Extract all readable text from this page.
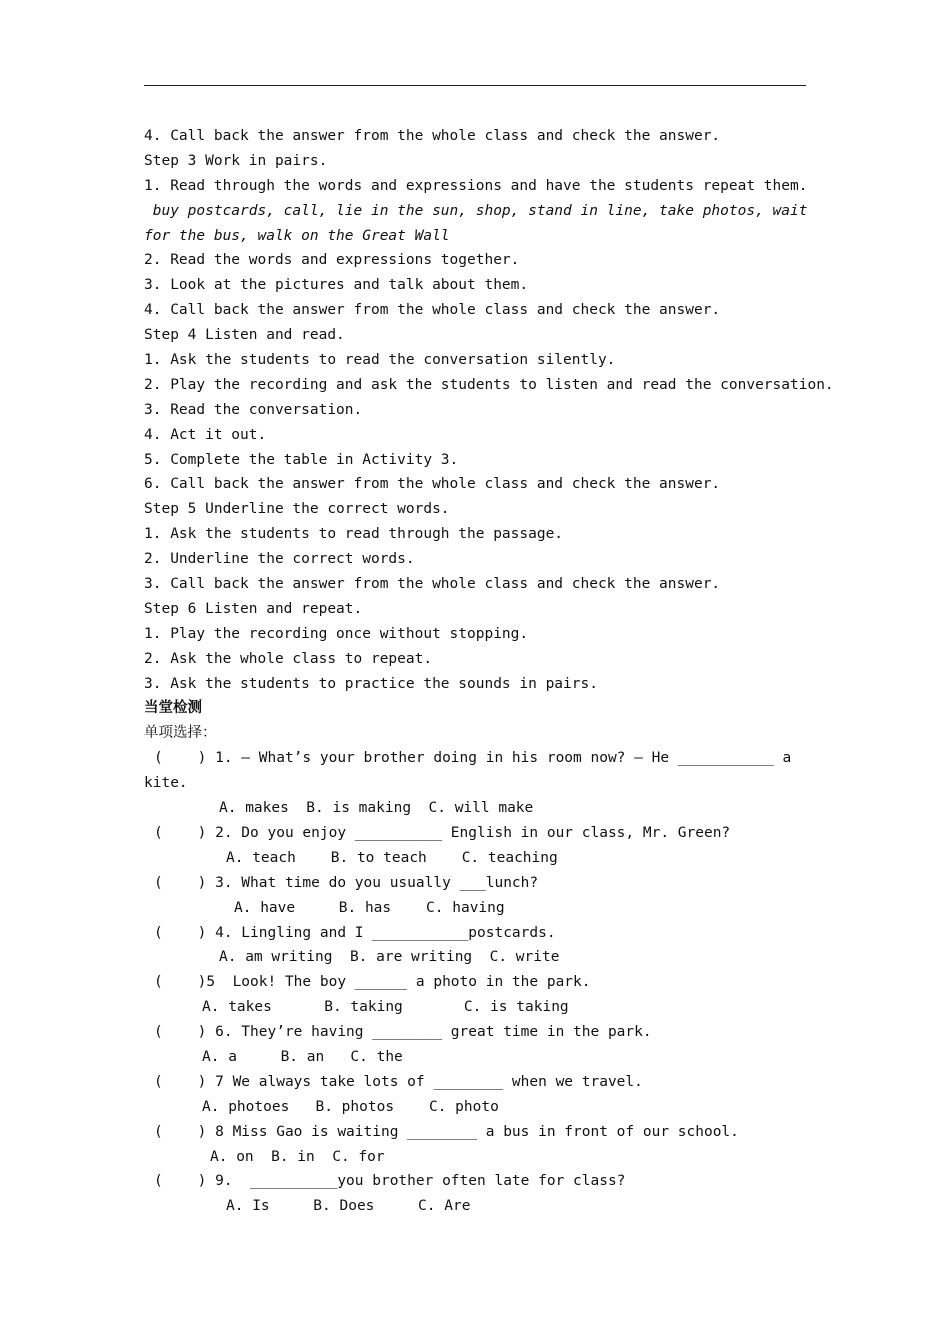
4. Call back the answer from the whole class and check the answer.

Step 3 Work in pairs.

1. Read through the words and expressions and have the students repeat them.

buy postcards, call, lie in the sun, shop, stand in line, take photos, wait

for the bus, walk on the Great Wall

2. Read the words and expressions together.

3. Look at the pictures and talk about them.

4. Call back the answer from the whole class and check the answer.

Step 4 Listen and read.

1. Ask the students to read the conversation silently.

2. Play the recording and ask the students to listen and read the conversation.

3. Read the conversation.

4. Act it out.

5. Complete the table in Activity 3.

6. Call back the answer from the whole class and check the answer.

Step 5 Underline the correct words.

1. Ask the students to read through the passage.

2. Underline the correct words.

3. Call back the answer from the whole class and check the answer.

Step 6 Listen and repeat.

1. Play the recording once without stopping.

2. Ask the whole class to repeat.

3. Ask the students to practice the sounds in pairs.

当堂检测

单项选择：

(    ) 1. — What’s your brother doing in his room now? — He ___________ a

kite.

A. makes  B. is making  C. will make

(    ) 2. Do you enjoy __________ English in our class, Mr. Green?

A. teach    B. to teach    C. teaching

(    ) 3. What time do you usually ___lunch?

A. have     B. has    C. having

(    ) 4. Lingling and I ___________postcards.

A. am writing  B. are writing  C. write

(    )5  Look! The boy ______ a photo in the park.

A. takes      B. taking       C. is taking

(    ) 6. They’re having ________ great time in the park.

A. a     B. an   C. the

(    ) 7 We always take lots of ________ when we travel.

A. photoes   B. photos    C. photo

(    ) 8 Miss Gao is waiting ________ a bus in front of our school.

A. on  B. in  C. for

(    ) 9.  __________you brother often late for class?

A. Is     B. Does     C. Are
